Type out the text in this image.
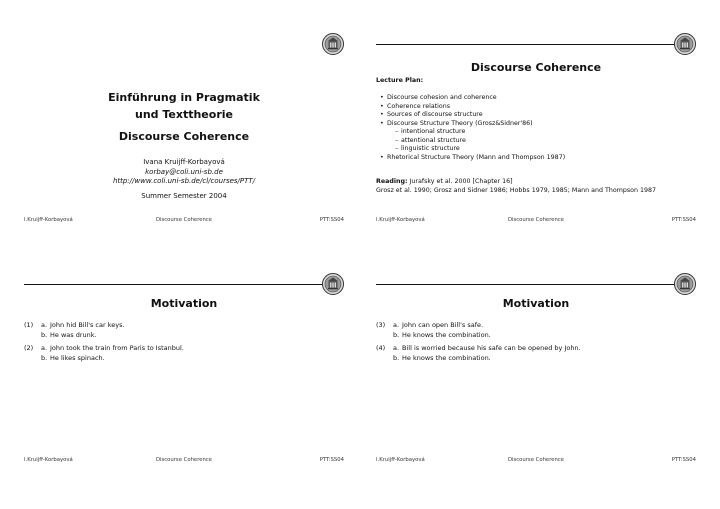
Einführung in Pragmatik
und Texttheorie
Discourse Coherence
Ivana Kruijff-Korbayová
korbay@coli.uni-sb.de
http://www.coli.uni-sb.de/cl/courses/PTT/
Summer Semester 2004
I.Kruijff-Korbayová	Discourse Coherence	PTT:SS04
Discourse Coherence
Lecture Plan:
• Discourse cohesion and coherence
• Coherence relations
• Sources of discourse structure
• Discourse Structure Theory (Grosz&Sidner'86)
– intentional structure
– attentional structure
– linguistic structure
• Rhetorical Structure Theory (Mann and Thompson 1987)
Reading: Jurafsky et al. 2000 [Chapter 16]
Grosz et al. 1990; Grosz and Sidner 1986; Hobbs 1979, 1985; Mann and Thompson 1987
I.Kruijff-Korbayová	Discourse Coherence	PTT:SS04
Motivation
(1) a. John hid Bill's car keys.
b. He was drunk.
(2) a. John took the train from Paris to Istanbul.
b. He likes spinach.
I.Kruijff-Korbayová	Discourse Coherence	PTT:SS04
Motivation
(3) a. John can open Bill's safe.
b. He knows the combination.
(4) a. Bill is worried because his safe can be opened by John.
b. He knows the combination.
I.Kruijff-Korbayová	Discourse Coherence	PTT:SS04
